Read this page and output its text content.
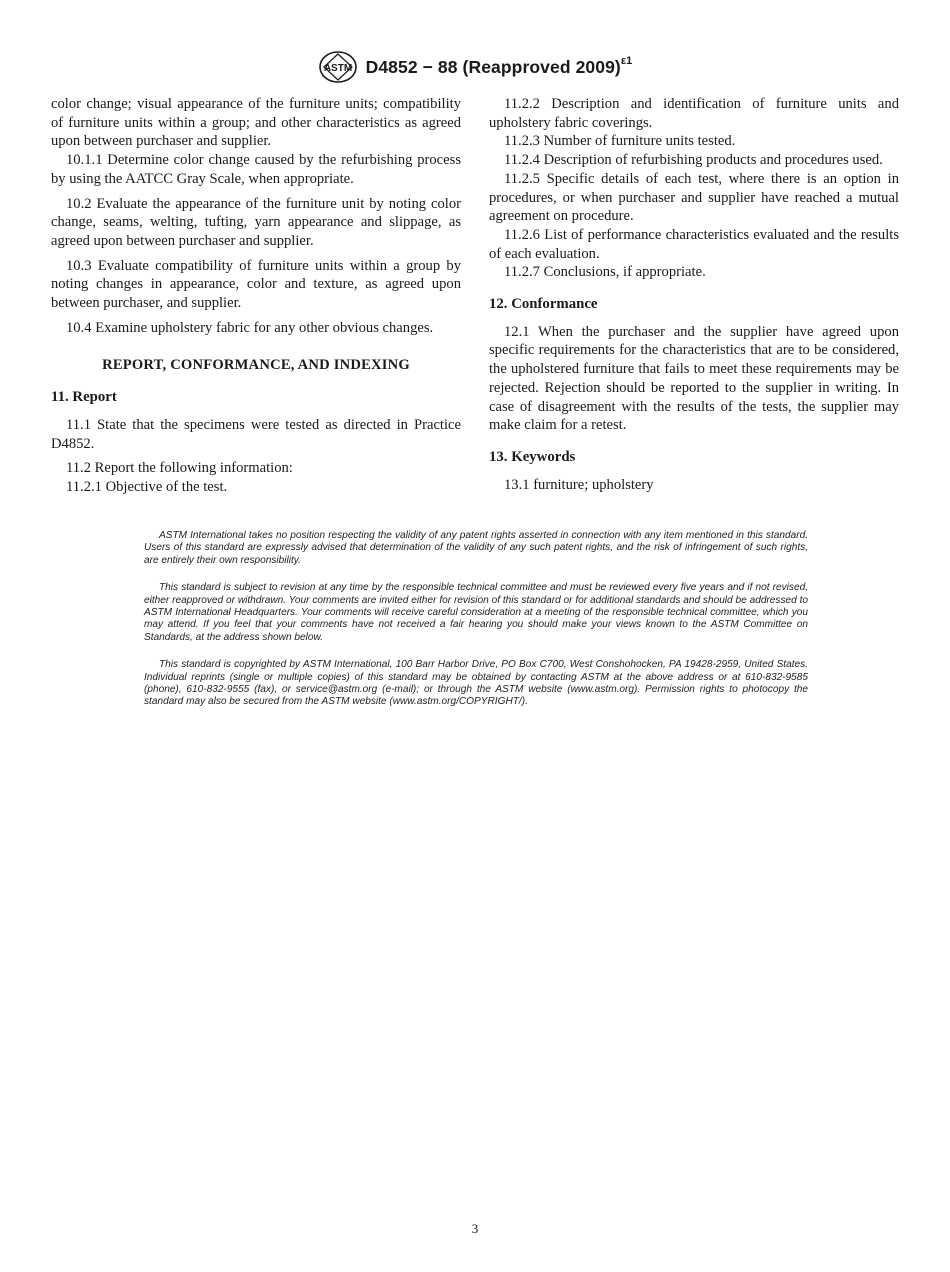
ASTM D4852 − 88 (Reapproved 2009)$^{\varepsilon 1}$

color change; visual appearance of the furniture units; compatibility of furniture units within a group; and other characteristics as agreed upon between purchaser and supplier.

10.1.1 Determine color change caused by the refurbishing process by using the AATCC Gray Scale, when appropriate.

10.2 Evaluate the appearance of the furniture unit by noting color change, seams, welting, tufting, yarn appearance and slippage, as agreed upon between purchaser and supplier.

10.3 Evaluate compatibility of furniture units within a group by noting changes in appearance, color and texture, as agreed upon between purchaser, and supplier.

10.4 Examine upholstery fabric for any other obvious changes.

REPORT, CONFORMANCE, AND INDEXING
11. Report

11.1 State that the specimens were tested as directed in Practice D4852.

11.2 Report the following information:

11.2.1 Objective of the test.

11.2.2 Description and identification of furniture units and upholstery fabric coverings.

11.2.3 Number of furniture units tested.

11.2.4 Description of refurbishing products and procedures used.

11.2.5 Specific details of each test, where there is an option in procedures, or when purchaser and supplier have reached a mutual agreement on procedure.

11.2.6 List of performance characteristics evaluated and the results of each evaluation.

11.2.7 Conclusions, if appropriate.

12. Conformance

12.1 When the purchaser and the supplier have agreed upon specific requirements for the characteristics that are to be considered, the upholstered furniture that fails to meet these requirements may be rejected. Rejection should be reported to the supplier in writing. In case of disagreement with the results of the tests, the supplier may make claim for a retest.

13. Keywords

13.1 furniture; upholstery

ASTM International takes no position respecting the validity of any patent rights asserted in connection with any item mentioned in this standard. Users of this standard are expressly advised that determination of the validity of any such patent rights, and the risk of infringement of such rights, are entirely their own responsibility.

This standard is subject to revision at any time by the responsible technical committee and must be reviewed every five years and if not revised, either reapproved or withdrawn. Your comments are invited either for revision of this standard or for additional standards and should be addressed to ASTM International Headquarters. Your comments will receive careful consideration at a meeting of the responsible technical committee, which you may attend. If you feel that your comments have not received a fair hearing you should make your views known to the ASTM Committee on Standards, at the address shown below.

This standard is copyrighted by ASTM International, 100 Barr Harbor Drive, PO Box C700, West Conshohocken, PA 19428-2959, United States. Individual reprints (single or multiple copies) of this standard may be obtained by contacting ASTM at the above address or at 610-832-9585 (phone), 610-832-9555 (fax), or service@astm.org (e-mail); or through the ASTM website (www.astm.org). Permission rights to photocopy the standard may also be secured from the ASTM website (www.astm.org/COPYRIGHT/).

3
